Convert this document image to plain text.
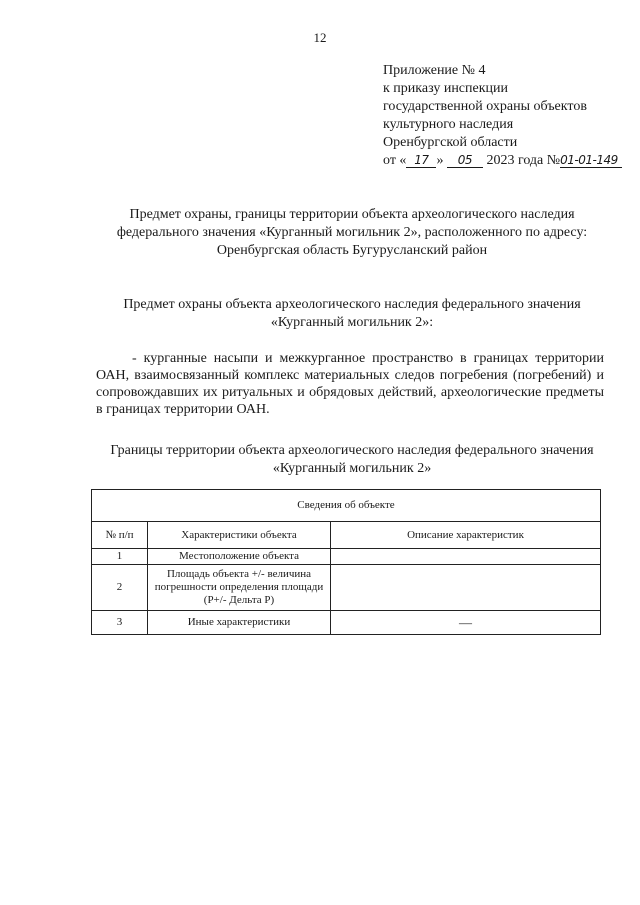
12
Приложение № 4
к приказу инспекции
государственной охраны объектов
культурного наследия
Оренбургской области
от « 17 » 05 2023 года №01-01-149
Предмет охраны, границы территории объекта археологического наследия федерального значения «Курганный могильник 2», расположенного по адресу: Оренбургская область Бугурусланский район
Предмет охраны объекта археологического наследия федерального значения «Курганный могильник 2»:
- курганные насыпи и межкурганное пространство в границах территории ОАН, взаимосвязанный комплекс материальных следов погребения (погребений) и сопровождавших их ритуальных и обрядовых действий, археологические предметы в границах территории ОАН.
Границы территории объекта археологического наследия федерального значения «Курганный могильник 2»
Сведения об объекте		
№ п/п	Характеристики объекта	Описание характеристик
1	Местоположение объекта	
2	Площадь объекта +/- величина погрешности определения площади (P+/- Дельта P)	
3	Иные характеристики	—
